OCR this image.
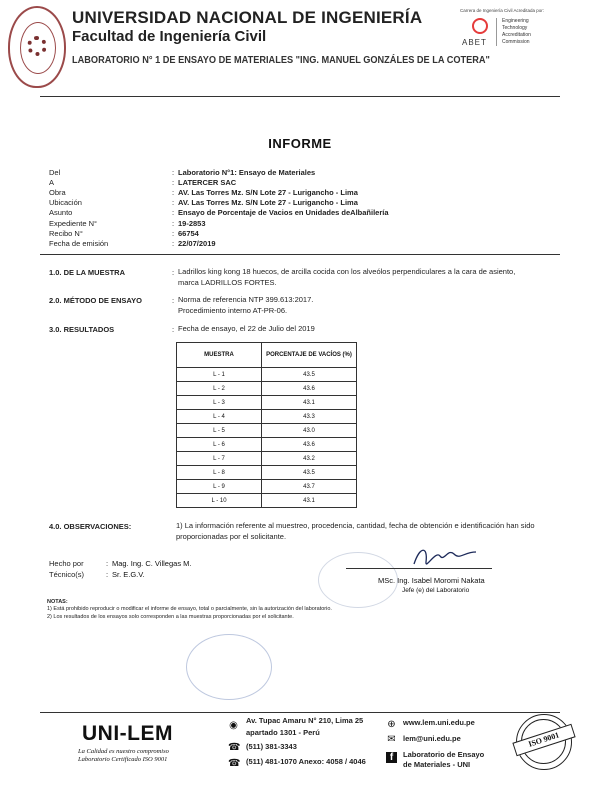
UNIVERSIDAD NACIONAL DE INGENIERÍA
Facultad de Ingeniería Civil
LABORATORIO N° 1 DE ENSAYO DE MATERIALES "ING. MANUEL GONZÁLES DE LA COTERA"
Carrera de Ingeniería Civil Acreditada por:
ABET
Engineering
Technology
Accreditation
Commission
INFORME
Del	: Laboratorio N°1: Ensayo de Materiales
A	: LATERCER SAC
Obra	: AV. Las Torres Mz. S/N Lote 27 - Lurigancho - Lima
Ubicación	: AV. Las Torres Mz. S/N Lote 27 - Lurigancho - Lima
Asunto	: Ensayo de Porcentaje de Vacios en Unidades deAlbañilería
Expediente N°	: 19-2853
Recibo N°	: 66754
Fecha de emisión	: 22/07/2019
1.0. DE LA MUESTRA	: Ladrillos king kong 18 huecos, de arcilla cocida con los alveólos perpendiculares a la cara de asiento, marca LADRILLOS FORTES.
2.0. MÉTODO DE ENSAYO	: Norma de referencia NTP 399.613:2017.
Procedimiento interno AT-PR-06.
3.0. RESULTADOS	: Fecha de ensayo, el 22 de Julio del 2019
MUESTRA	PORCENTAJE DE VACÍOS (%)
L - 1	43.5
L - 2	43.6
L - 3	43.1
L - 4	43.3
L - 5	43.0
L - 6	43.6
L - 7	43.2
L - 8	43.5
L - 9	43.7
L - 10	43.1
4.0. OBSERVACIONES:	1) La información referente al muestreo, procedencia, cantidad, fecha de obtención e identificación han sido proporcionadas por el solicitante.
Hecho por	: Mag. Ing. C. Villegas M.
Técnico(s)	: Sr. E.G.V.
MSc. Ing. Isabel Moromi Nakata
Jefe (e) del Laboratorio
NOTAS:
1) Está prohibido reproducir o modificar el informe de ensayo, total o parcialmente, sin la autorización del laboratorio.
2) Los resultados de los ensayos solo corresponden a las muestras proporcionadas por el solicitante.
UNI-LEM
La Calidad es nuestro compromiso
Laboratorio Certificado ISO 9001
◉ Av. Tupac Amaru N° 210, Lima 25
apartado 1301 - Perú
☎ (511) 381-3343
☎ (511) 481-1070 Anexo: 4058 / 4046
⊕ www.lem.uni.edu.pe
✉ lem@uni.edu.pe
f	Laboratorio de Ensayo
de Materiales - UNI
ISO 9001
